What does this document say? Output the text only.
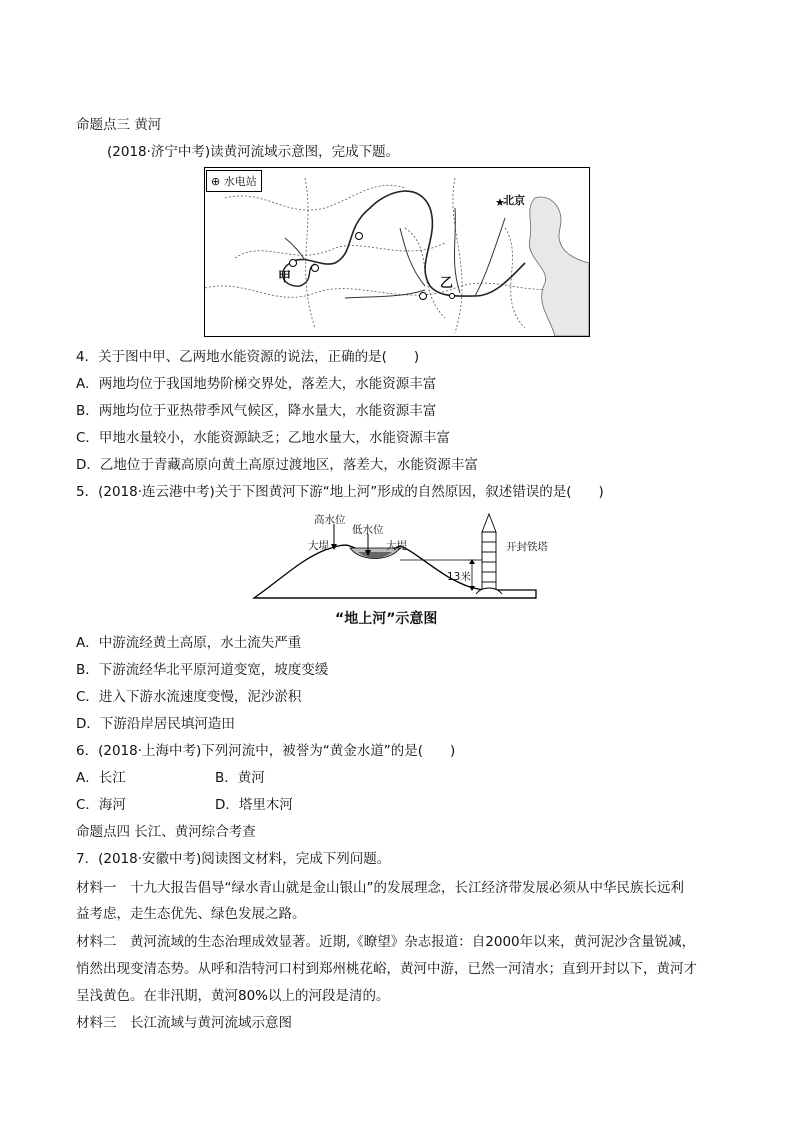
命题点三 黄河
(2018·济宁中考)读黄河流域示意图，完成下题。
★
⊕ 水电站
北京
甲	乙
4．关于图中甲、乙两地水能资源的说法，正确的是(　　)
A．两地均位于我国地势阶梯交界处，落差大，水能资源丰富
B．两地均位于亚热带季风气候区，降水量大，水能资源丰富
C．甲地水量较小，水能资源缺乏；乙地水量大，水能资源丰富
D．乙地位于青藏高原向黄土高原过渡地区，落差大，水能资源丰富
5．(2018·连云港中考)关于下图黄河下游“地上河”形成的自然原因，叙述错误的是(　　)
高水位
低水位
大堤	大堤
13米
开封铁塔
“地上河”示意图
A．中游流经黄土高原，水土流失严重
B．下游流经华北平原河道变宽，坡度变缓
C．进入下游水流速度变慢，泥沙淤积
D．下游沿岸居民填河造田
6．(2018·上海中考)下列河流中，被誉为“黄金水道”的是(　　)
A．长江	B．黄河
C．海河	D．塔里木河
命题点四 长江、黄河综合考查
7．(2018·安徽中考)阅读图文材料，完成下列问题。
材料一　十九大报告倡导“绿水青山就是金山银山”的发展理念，长江经济带发展必须从中华民族长远利
益考虑，走生态优先、绿色发展之路。
材料二　黄河流域的生态治理成效显著。近期,《瞭望》杂志报道：自2000年以来，黄河泥沙含量锐减，
悄然出现变清态势。从呼和浩特河口村到郑州桃花峪，黄河中游，已然一河清水；直到开封以下，黄河才
呈浅黄色。在非汛期，黄河80%以上的河段是清的。
材料三　长江流域与黄河流域示意图
